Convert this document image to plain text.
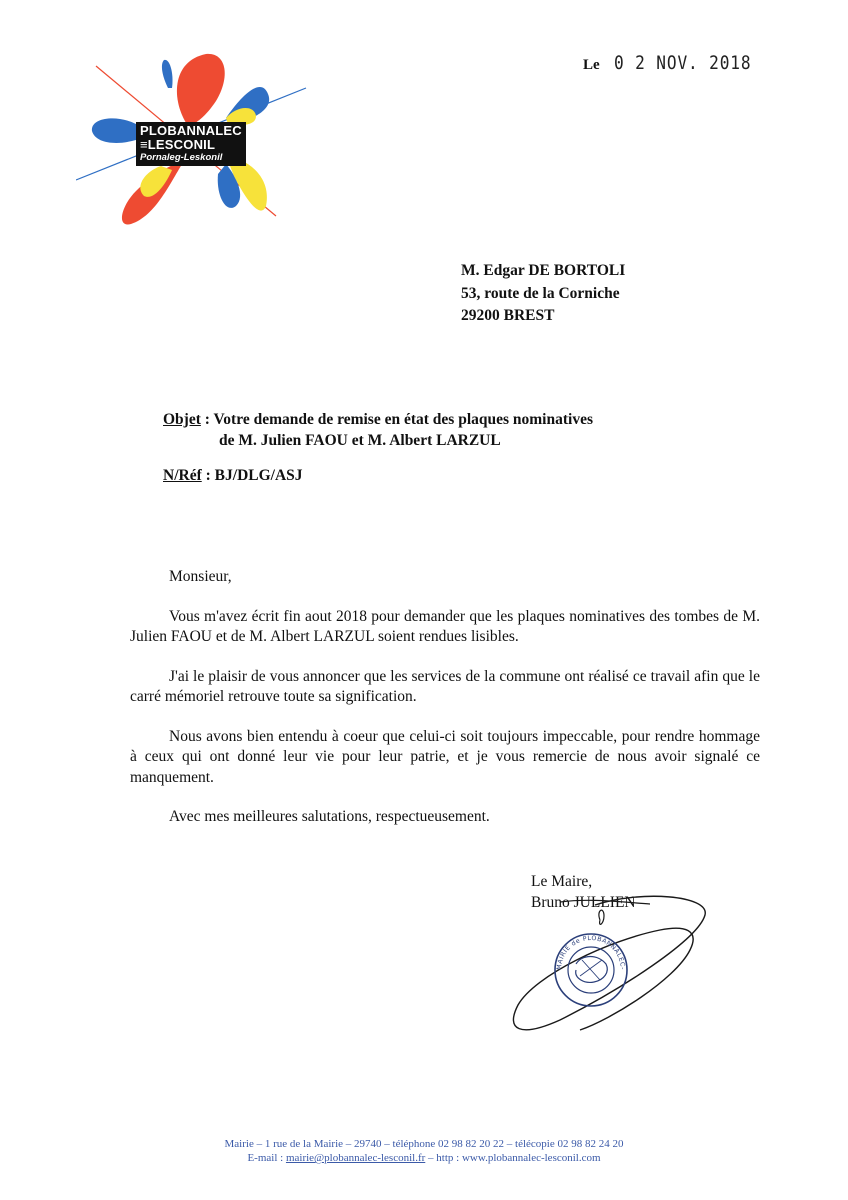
PLOBANNALEC
≡LESCONIL
Pornaleg-Leskonil
Le 0 2 NOV. 2018
M. Edgar DE BORTOLI
53, route de la Corniche
29200 BREST
Objet : Votre demande de remise en état des plaques nominatives
de M. Julien FAOU et M. Albert LARZUL
N/Réf : BJ/DLG/ASJ

Monsieur,

Vous m'avez écrit fin aout 2018 pour demander que les plaques nominatives des tombes de M. Julien FAOU et de M. Albert LARZUL soient rendues lisibles.

J'ai le plaisir de vous annoncer que les services de la commune ont réalisé ce travail afin que le carré mémoriel retrouve toute sa signification.

Nous avons bien entendu à coeur que celui-ci soit toujours impeccable, pour rendre hommage à ceux qui ont donné leur vie pour leur patrie, et je vous remercie de nous avoir signalé ce manquement.

Avec mes meilleures salutations, respectueusement.

Le Maire,
Bruno JULLIEN
MAIRIE de PLOBANNALEC-
Mairie – 1 rue de la Mairie – 29740 – téléphone 02 98 82 20 22 – télécopie 02 98 82 24 20
E-mail : mairie@plobannalec-lesconil.fr – http : www.plobannalec-lesconil.com
